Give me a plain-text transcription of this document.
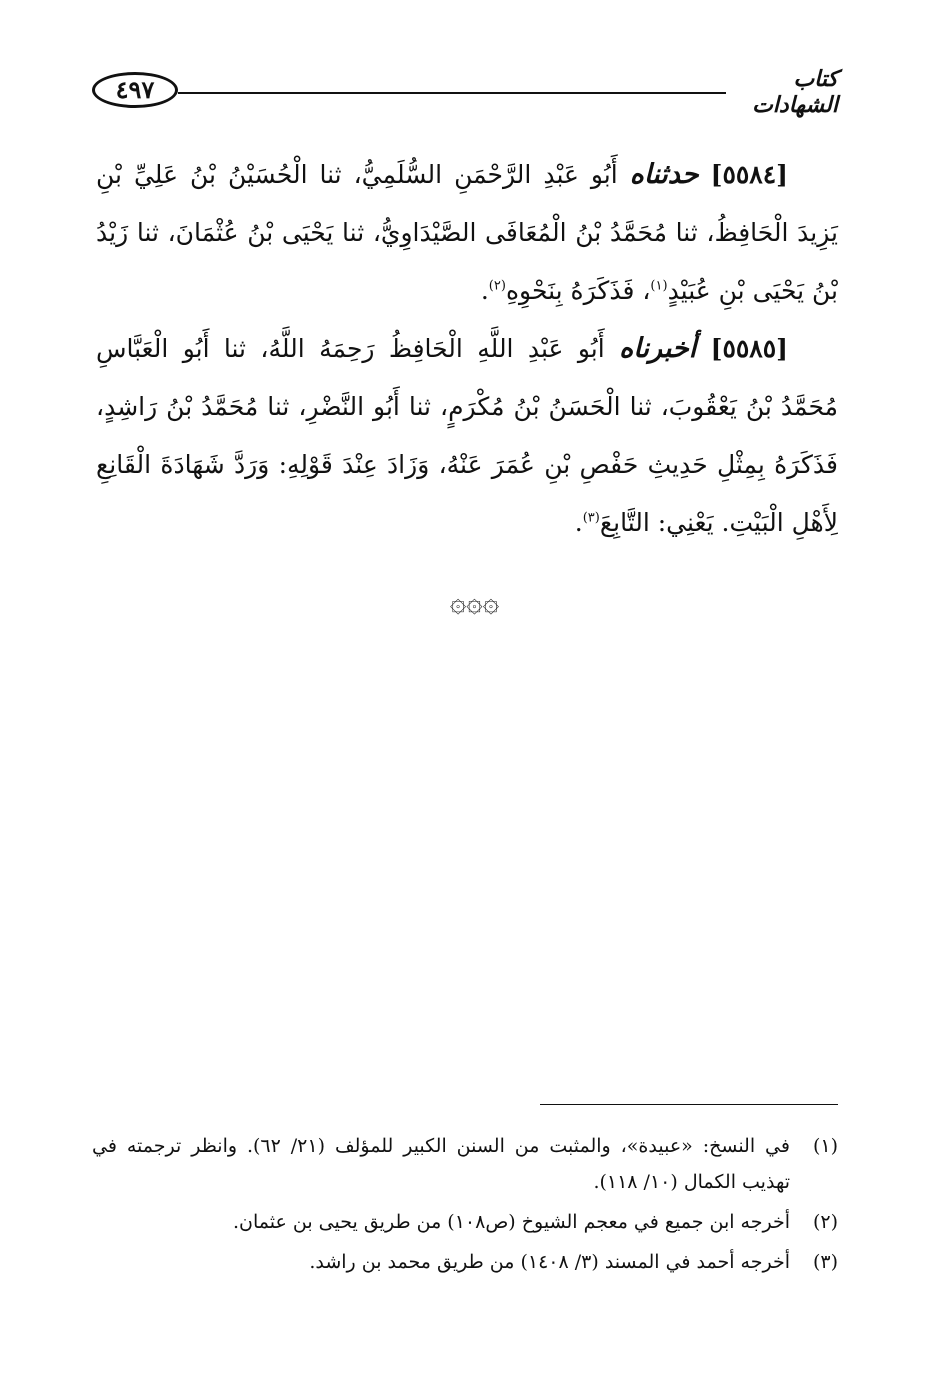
٤٩٧	كتاب الشهادات

[٥٥٨٤] حدثناه أَبُو عَبْدِ الرَّحْمَنِ السُّلَمِيُّ، ثنا الْحُسَيْنُ بْنُ عَلِيِّ بْنِ يَزِيدَ الْحَافِظُ، ثنا مُحَمَّدُ بْنُ الْمُعَافَى الصَّيْدَاوِيُّ، ثنا يَحْيَى بْنُ عُثْمَانَ، ثنا زَيْدُ بْنُ يَحْيَى بْنِ عُبَيْدٍ$^{(١)}$، فَذَكَرَهُ بِنَحْوِهِ$^{(٢)}$.

[٥٥٨٥] أخبرناه أَبُو عَبْدِ اللَّهِ الْحَافِظُ رَحِمَهُ اللَّهُ، ثنا أَبُو الْعَبَّاسِ مُحَمَّدُ بْنُ يَعْقُوبَ، ثنا الْحَسَنُ بْنُ مُكْرَمٍ، ثنا أَبُو النَّضْرِ، ثنا مُحَمَّدُ بْنُ رَاشِدٍ، فَذَكَرَهُ بِمِثْلِ حَدِيثِ حَفْصِ بْنِ عُمَرَ عَنْهُ، وَزَادَ عِنْدَ قَوْلِهِ: وَرَدَّ شَهَادَةَ الْقَانِعِ لِأَهْلِ الْبَيْتِ. يَعْنِي: التَّابِعَ$^{(٣)}$.

۞۞۞
(١)
في النسخ: «عبيدة»، والمثبت من السنن الكبير للمؤلف (٢١/ ٦٢). وانظر ترجمته في تهذيب الكمال (١٠/ ١١٨).
(٢)
أخرجه ابن جميع في معجم الشيوخ (ص١٠٨) من طريق يحيى بن عثمان.
(٣)
أخرجه أحمد في المسند (٣/ ١٤٠٨) من طريق محمد بن راشد.
